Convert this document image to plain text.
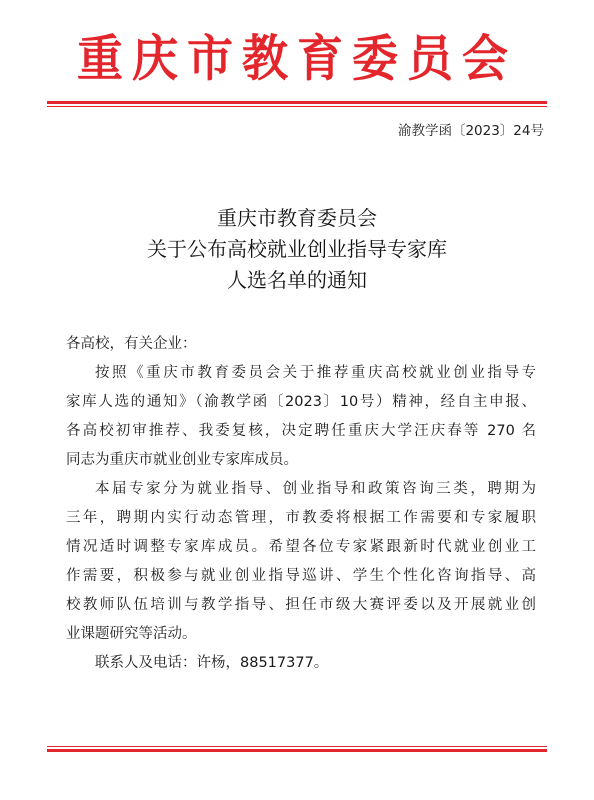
重庆市教育委员会
渝教学函〔2023〕24号
重庆市教育委员会
关于公布高校就业创业指导专家库
人选名单的通知
各高校，有关企业：
按照《重庆市教育委员会关于推荐重庆高校就业创业指导专
家库人选的通知》（渝教学函〔2023〕10号）精神，经自主申报、
各高校初审推荐、我委复核，决定聘任重庆大学汪庆春等 270 名
同志为重庆市就业创业专家库成员。
本届专家分为就业指导、创业指导和政策咨询三类，聘期为
三年，聘期内实行动态管理，市教委将根据工作需要和专家履职
情况适时调整专家库成员。希望各位专家紧跟新时代就业创业工
作需要，积极参与就业创业指导巡讲、学生个性化咨询指导、高
校教师队伍培训与教学指导、担任市级大赛评委以及开展就业创
业课题研究等活动。
联系人及电话：许杨，88517377。
